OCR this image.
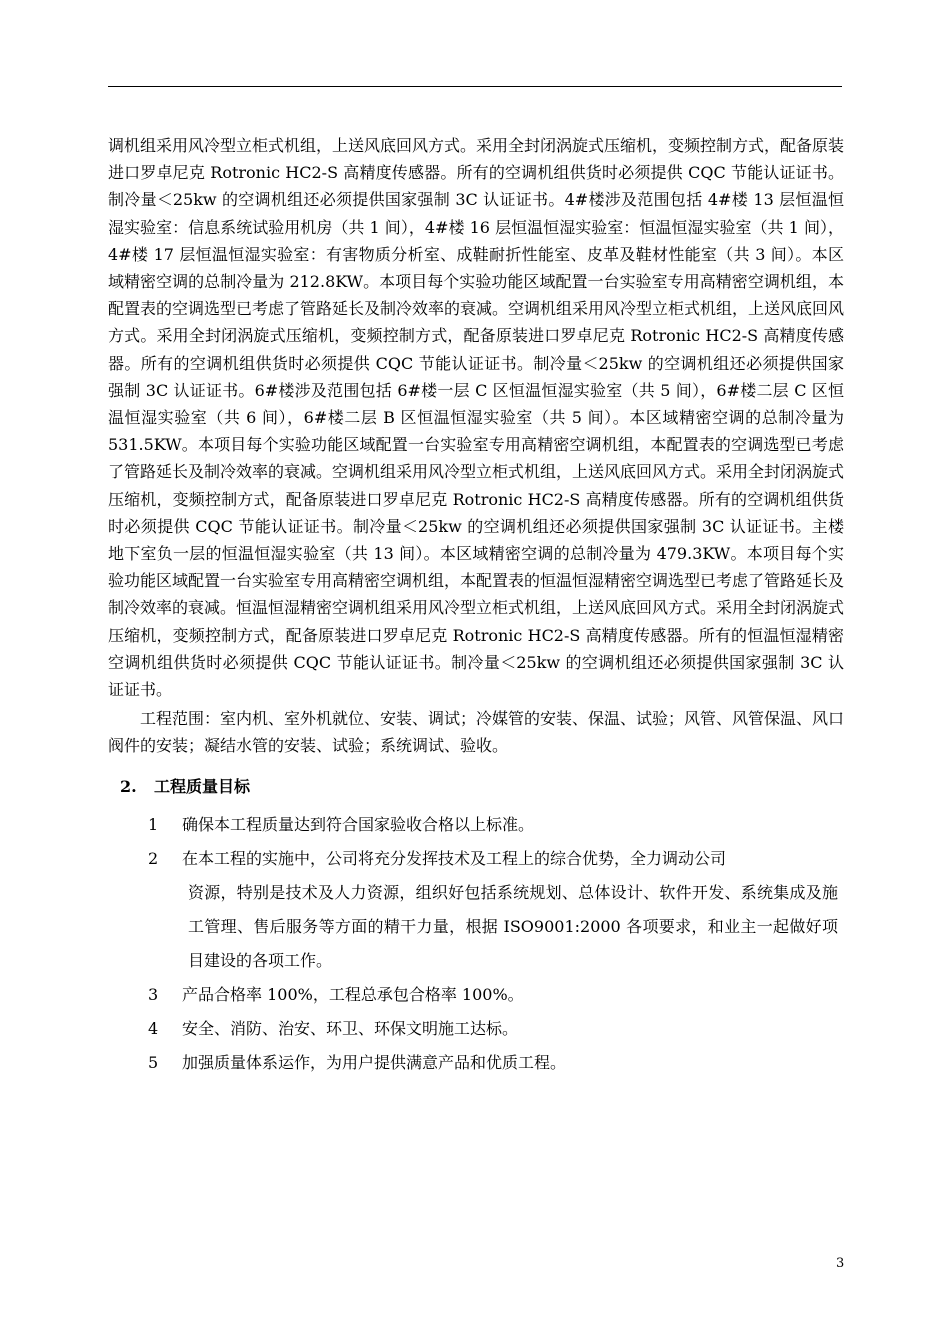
调机组采用风冷型立柜式机组，上送风底回风方式。采用全封闭涡旋式压缩机，变频控制方式，配备原装进口罗卓尼克 Rotronic HC2-S 高精度传感器。所有的空调机组供货时必须提供 CQC 节能认证证书。制冷量＜25kw 的空调机组还必须提供国家强制 3C 认证证书。4#楼涉及范围包括 4#楼 13 层恒温恒湿实验室：信息系统试验用机房（共 1 间），4#楼 16 层恒温恒湿实验室：恒温恒湿实验室（共 1 间），4#楼 17 层恒温恒湿实验室：有害物质分析室、成鞋耐折性能室、皮革及鞋材性能室（共 3 间）。本区域精密空调的总制冷量为 212.8KW。本项目每个实验功能区域配置一台实验室专用高精密空调机组，本配置表的空调选型已考虑了管路延长及制冷效率的衰减。空调机组采用风冷型立柜式机组，上送风底回风方式。采用全封闭涡旋式压缩机，变频控制方式，配备原装进口罗卓尼克 Rotronic HC2-S 高精度传感器。所有的空调机组供货时必须提供 CQC 节能认证证书。制冷量＜25kw 的空调机组还必须提供国家强制 3C 认证证书。6#楼涉及范围包括 6#楼一层 C 区恒温恒湿实验室（共 5 间），6#楼二层 C 区恒温恒湿实验室（共 6 间），6#楼二层 B 区恒温恒湿实验室（共 5 间）。本区域精密空调的总制冷量为 531.5KW。本项目每个实验功能区域配置一台实验室专用高精密空调机组，本配置表的空调选型已考虑了管路延长及制冷效率的衰减。空调机组采用风冷型立柜式机组，上送风底回风方式。采用全封闭涡旋式压缩机，变频控制方式，配备原装进口罗卓尼克 Rotronic HC2-S 高精度传感器。所有的空调机组供货时必须提供 CQC 节能认证证书。制冷量＜25kw 的空调机组还必须提供国家强制 3C 认证证书。主楼地下室负一层的恒温恒湿实验室（共 13 间）。本区域精密空调的总制冷量为 479.3KW。本项目每个实验功能区域配置一台实验室专用高精密空调机组，本配置表的恒温恒湿精密空调选型已考虑了管路延长及制冷效率的衰减。恒温恒湿精密空调机组采用风冷型立柜式机组，上送风底回风方式。采用全封闭涡旋式压缩机，变频控制方式，配备原装进口罗卓尼克 Rotronic HC2-S 高精度传感器。所有的恒温恒湿精密空调机组供货时必须提供 CQC 节能认证证书。制冷量＜25kw 的空调机组还必须提供国家强制 3C 认证证书。

工程范围：室内机、室外机就位、安装、调试；冷媒管的安装、保温、试验；风管、风管保温、风口阀件的安装；凝结水管的安装、试验；系统调试、验收。

2. 工程质量目标
1	确保本工程质量达到符合国家验收合格以上标准。
2	在本工程的实施中，公司将充分发挥技术及工程上的综合优势，全力调动公司
资源，特别是技术及人力资源，组织好包括系统规划、总体设计、软件开发、系统集成及施工管理、售后服务等方面的精干力量，根据 ISO9001:2000 各项要求，和业主一起做好项目建设的各项工作。
3	产品合格率 100%，工程总承包合格率 100%。
4	安全、消防、治安、环卫、环保文明施工达标。
5	加强质量体系运作，为用户提供满意产品和优质工程。
3
